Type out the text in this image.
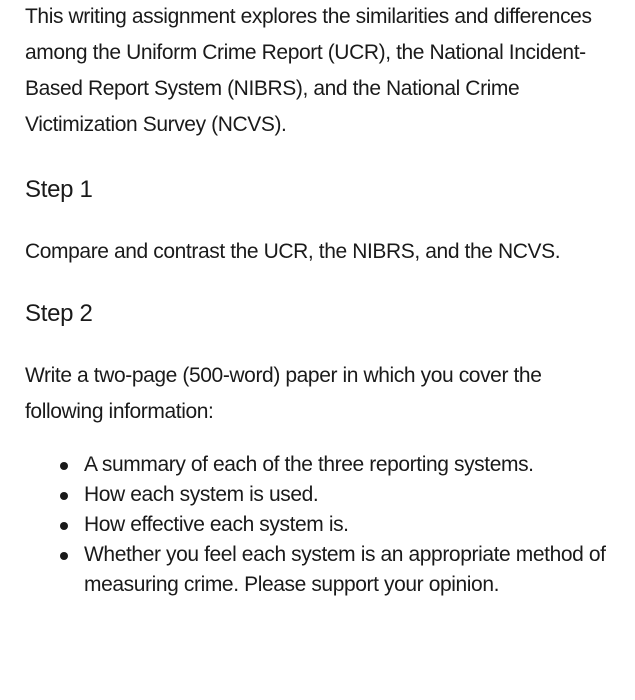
This writing assignment explores the similarities and differences among the Uniform Crime Report (UCR), the National Incident-Based Report System (NIBRS), and the National Crime Victimization Survey (NCVS).

Step 1

Compare and contrast the UCR, the NIBRS, and the NCVS.

Step 2

Write a two-page (500-word) paper in which you cover the following information:

A summary of each of the three reporting systems.
How each system is used.
How effective each system is.
Whether you feel each system is an appropriate method of measuring crime. Please support your opinion.
